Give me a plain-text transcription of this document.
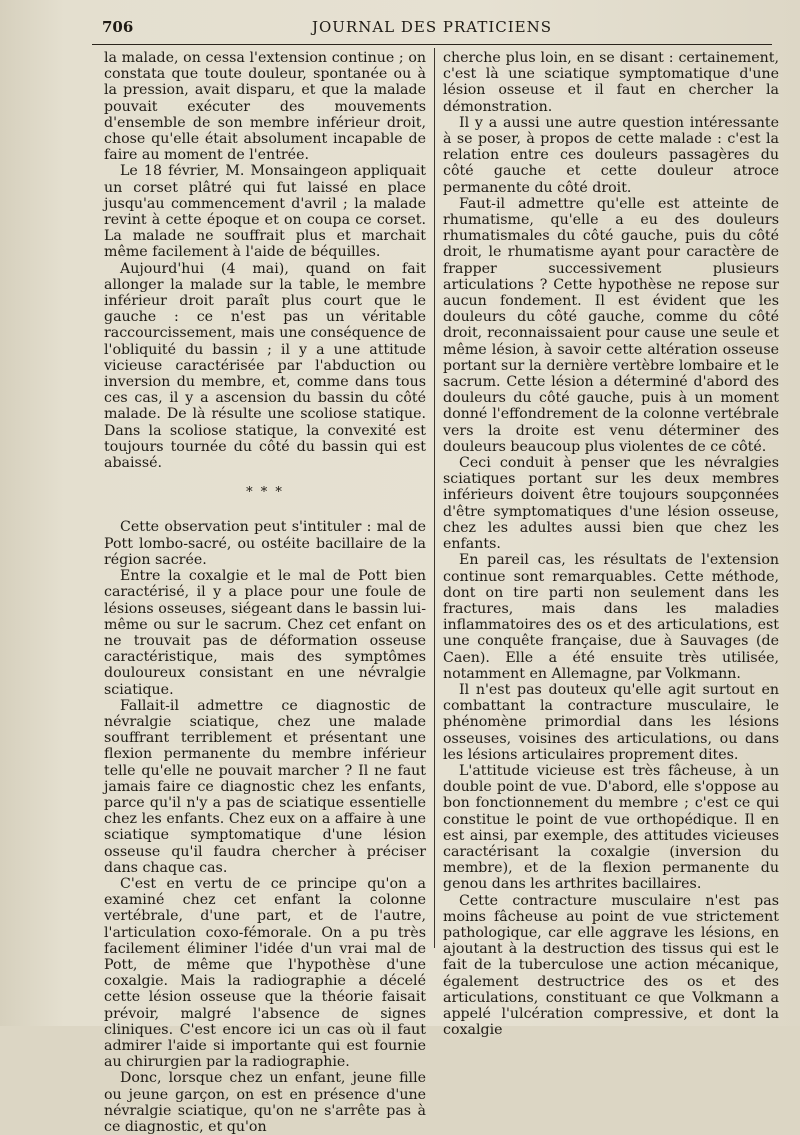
706	JOURNAL DES PRATICIENS

la malade, on cessa l'extension continue ; on constata que toute douleur, spontanée ou à la pression, avait disparu, et que la malade pouvait exécuter des mouvements d'ensemble de son membre inférieur droit, chose qu'elle était absolument incapable de faire au moment de l'entrée.

Le 18 février, M. Monsaingeon appliquait un corset plâtré qui fut laissé en place jusqu'au commencement d'avril ; la malade revint à cette époque et on coupa ce corset. La malade ne souffrait plus et marchait même facilement à l'aide de béquilles.

Aujourd'hui (4 mai), quand on fait allonger la malade sur la table, le membre inférieur droit paraît plus court que le gauche : ce n'est pas un véritable raccourcissement, mais une conséquence de l'obliquité du bassin ; il y a une attitude vicieuse caractérisée par l'abduction ou inversion du membre, et, comme dans tous ces cas, il y a ascension du bassin du côté malade. De là résulte une scoliose statique. Dans la scoliose statique, la convexité est toujours tournée du côté du bassin qui est abaissé.

* * *

Cette observation peut s'intituler : mal de Pott lombo-sacré, ou ostéite bacillaire de la région sacrée.

Entre la coxalgie et le mal de Pott bien caractérisé, il y a place pour une foule de lésions osseuses, siégeant dans le bassin lui-même ou sur le sacrum. Chez cet enfant on ne trouvait pas de déformation osseuse caractéristique, mais des symptômes douloureux consistant en une névralgie sciatique.

Fallait-il admettre ce diagnostic de névralgie sciatique, chez une malade souffrant terriblement et présentant une flexion permanente du membre inférieur telle qu'elle ne pouvait marcher ? Il ne faut jamais faire ce diagnostic chez les enfants, parce qu'il n'y a pas de sciatique essentielle chez les enfants. Chez eux on a affaire à une sciatique symptomatique d'une lésion osseuse qu'il faudra chercher à préciser dans chaque cas.

C'est en vertu de ce principe qu'on a examiné chez cet enfant la colonne vertébrale, d'une part, et de l'autre, l'articulation coxo-fémorale. On a pu très facilement éliminer l'idée d'un vrai mal de Pott, de même que l'hypothèse d'une coxalgie. Mais la radiographie a décelé cette lésion osseuse que la théorie faisait prévoir, malgré l'absence de signes cliniques. C'est encore ici un cas où il faut admirer l'aide si importante qui est fournie au chirurgien par la radiographie.

Donc, lorsque chez un enfant, jeune fille ou jeune garçon, on est en présence d'une névralgie sciatique, qu'on ne s'arrête pas à ce diagnostic, et qu'on

cherche plus loin, en se disant : certainement, c'est là une sciatique symptomatique d'une lésion osseuse et il faut en chercher la démonstration.

Il y a aussi une autre question intéressante à se poser, à propos de cette malade : c'est la relation entre ces douleurs passagères du côté gauche et cette douleur atroce permanente du côté droit.

Faut-il admettre qu'elle est atteinte de rhumatisme, qu'elle a eu des douleurs rhumatismales du côté gauche, puis du côté droit, le rhumatisme ayant pour caractère de frapper successivement plusieurs articulations ? Cette hypothèse ne repose sur aucun fondement. Il est évident que les douleurs du côté gauche, comme du côté droit, reconnaissaient pour cause une seule et même lésion, à savoir cette altération osseuse portant sur la dernière vertèbre lombaire et le sacrum. Cette lésion a déterminé d'abord des douleurs du côté gauche, puis à un moment donné l'effondrement de la colonne vertébrale vers la droite est venu déterminer des douleurs beaucoup plus violentes de ce côté.

Ceci conduit à penser que les névralgies sciatiques portant sur les deux membres inférieurs doivent être toujours soupçonnées d'être symptomatiques d'une lésion osseuse, chez les adultes aussi bien que chez les enfants.

En pareil cas, les résultats de l'extension continue sont remarquables. Cette méthode, dont on tire parti non seulement dans les fractures, mais dans les maladies inflammatoires des os et des articulations, est une conquête française, due à Sauvages (de Caen). Elle a été ensuite très utilisée, notamment en Allemagne, par Volkmann.

Il n'est pas douteux qu'elle agit surtout en combattant la contracture musculaire, le phénomène primordial dans les lésions osseuses, voisines des articulations, ou dans les lésions articulaires proprement dites.

L'attitude vicieuse est très fâcheuse, à un double point de vue. D'abord, elle s'oppose au bon fonctionnement du membre ; c'est ce qui constitue le point de vue orthopédique. Il en est ainsi, par exemple, des attitudes vicieuses caractérisant la coxalgie (inversion du membre), et de la flexion permanente du genou dans les arthrites bacillaires.

Cette contracture musculaire n'est pas moins fâcheuse au point de vue strictement pathologique, car elle aggrave les lésions, en ajoutant à la destruction des tissus qui est le fait de la tuberculose une action mécanique, également destructrice des os et des articulations, constituant ce que Volkmann a appelé l'ulcération compressive, et dont la coxalgie
